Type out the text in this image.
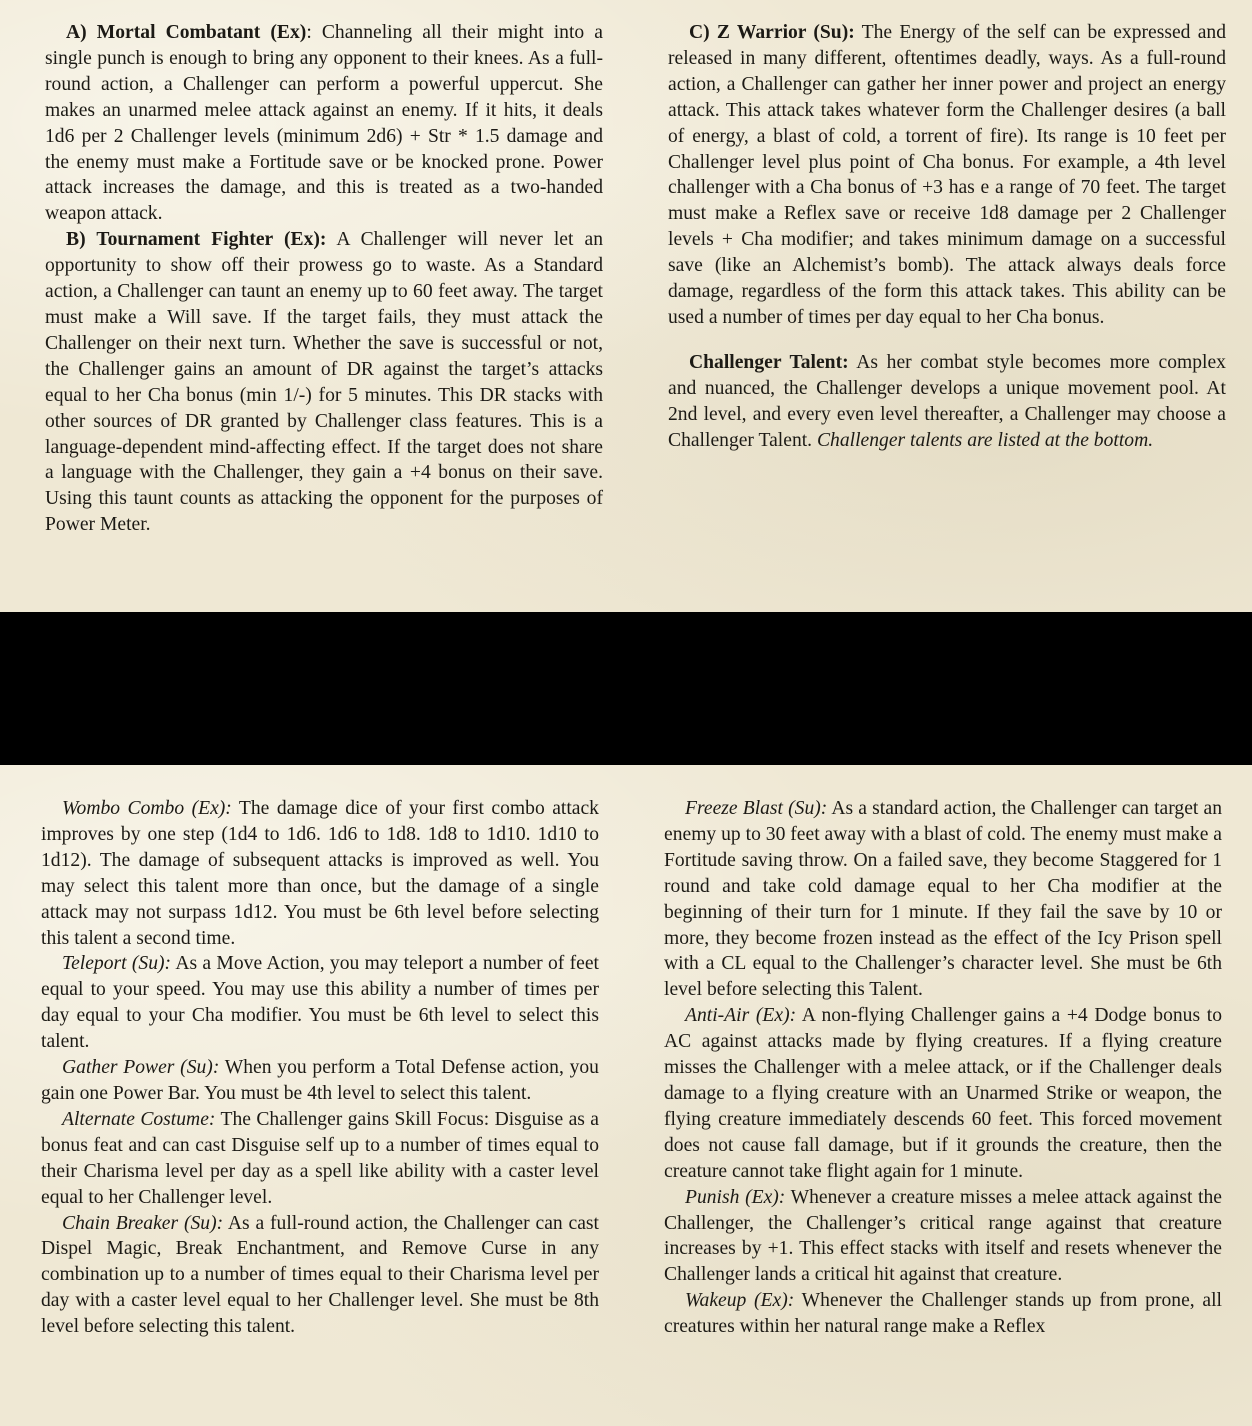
A) Mortal Combatant (Ex): Channeling all their might into a single punch is enough to bring any opponent to their knees. As a full-round action, a Challenger can perform a powerful uppercut. She makes an unarmed melee attack against an enemy. If it hits, it deals 1d6 per 2 Challenger levels (minimum 2d6) + Str * 1.5 damage and the enemy must make a Fortitude save or be knocked prone. Power attack increases the damage, and this is treated as a two-handed weapon attack.

B) Tournament Fighter (Ex): A Challenger will never let an opportunity to show off their prowess go to waste. As a Standard action, a Challenger can taunt an enemy up to 60 feet away. The target must make a Will save. If the target fails, they must attack the Challenger on their next turn. Whether the save is successful or not, the Challenger gains an amount of DR against the target’s attacks equal to her Cha bonus (min 1/-) for 5 minutes. This DR stacks with other sources of DR granted by Challenger class features. This is a language-dependent mind-affecting effect. If the target does not share a language with the Challenger, they gain a +4 bonus on their save. Using this taunt counts as attacking the opponent for the purposes of Power Meter.

C) Z Warrior (Su): The Energy of the self can be expressed and released in many different, oftentimes deadly, ways. As a full-round action, a Challenger can gather her inner power and project an energy attack. This attack takes whatever form the Challenger desires (a ball of energy, a blast of cold, a torrent of fire). Its range is 10 feet per Challenger level plus point of Cha bonus. For example, a 4th level challenger with a Cha bonus of +3 has e a range of 70 feet. The target must make a Reflex save or receive 1d8 damage per 2 Challenger levels + Cha modifier; and takes minimum damage on a successful save (like an Alchemist’s bomb). The attack always deals force damage, regardless of the form this attack takes. This ability can be used a number of times per day equal to her Cha bonus.

Challenger Talent: As her combat style becomes more complex and nuanced, the Challenger develops a unique movement pool. At 2nd level, and every even level thereafter, a Challenger may choose a Challenger Talent. Challenger talents are listed at the bottom.

Wombo Combo (Ex): The damage dice of your first combo attack improves by one step (1d4 to 1d6. 1d6 to 1d8. 1d8 to 1d10. 1d10 to 1d12). The damage of subsequent attacks is improved as well. You may select this talent more than once, but the damage of a single attack may not surpass 1d12. You must be 6th level before selecting this talent a second time.

Teleport (Su): As a Move Action, you may teleport a number of feet equal to your speed. You may use this ability a number of times per day equal to your Cha modifier. You must be 6th level to select this talent.

Gather Power (Su): When you perform a Total Defense action, you gain one Power Bar. You must be 4th level to select this talent.

Alternate Costume: The Challenger gains Skill Focus: Disguise as a bonus feat and can cast Disguise self up to a number of times equal to their Charisma level per day as a spell like ability with a caster level equal to her Challenger level.

Chain Breaker (Su): As a full-round action, the Challenger can cast Dispel Magic, Break Enchantment, and Remove Curse in any combination up to a number of times equal to their Charisma level per day with a caster level equal to her Challenger level. She must be 8th level before selecting this talent.

Freeze Blast (Su): As a standard action, the Challenger can target an enemy up to 30 feet away with a blast of cold. The enemy must make a Fortitude saving throw. On a failed save, they become Staggered for 1 round and take cold damage equal to her Cha modifier at the beginning of their turn for 1 minute. If they fail the save by 10 or more, they become frozen instead as the effect of the Icy Prison spell with a CL equal to the Challenger’s character level. She must be 6th level before selecting this Talent.

Anti-Air (Ex): A non-flying Challenger gains a +4 Dodge bonus to AC against attacks made by flying creatures. If a flying creature misses the Challenger with a melee attack, or if the Challenger deals damage to a flying creature with an Unarmed Strike or weapon, the flying creature immediately descends 60 feet. This forced movement does not cause fall damage, but if it grounds the creature, then the creature cannot take flight again for 1 minute.

Punish (Ex): Whenever a creature misses a melee attack against the Challenger, the Challenger’s critical range against that creature increases by +1. This effect stacks with itself and resets whenever the Challenger lands a critical hit against that creature.

Wakeup (Ex): Whenever the Challenger stands up from prone, all creatures within her natural range make a Reflex
